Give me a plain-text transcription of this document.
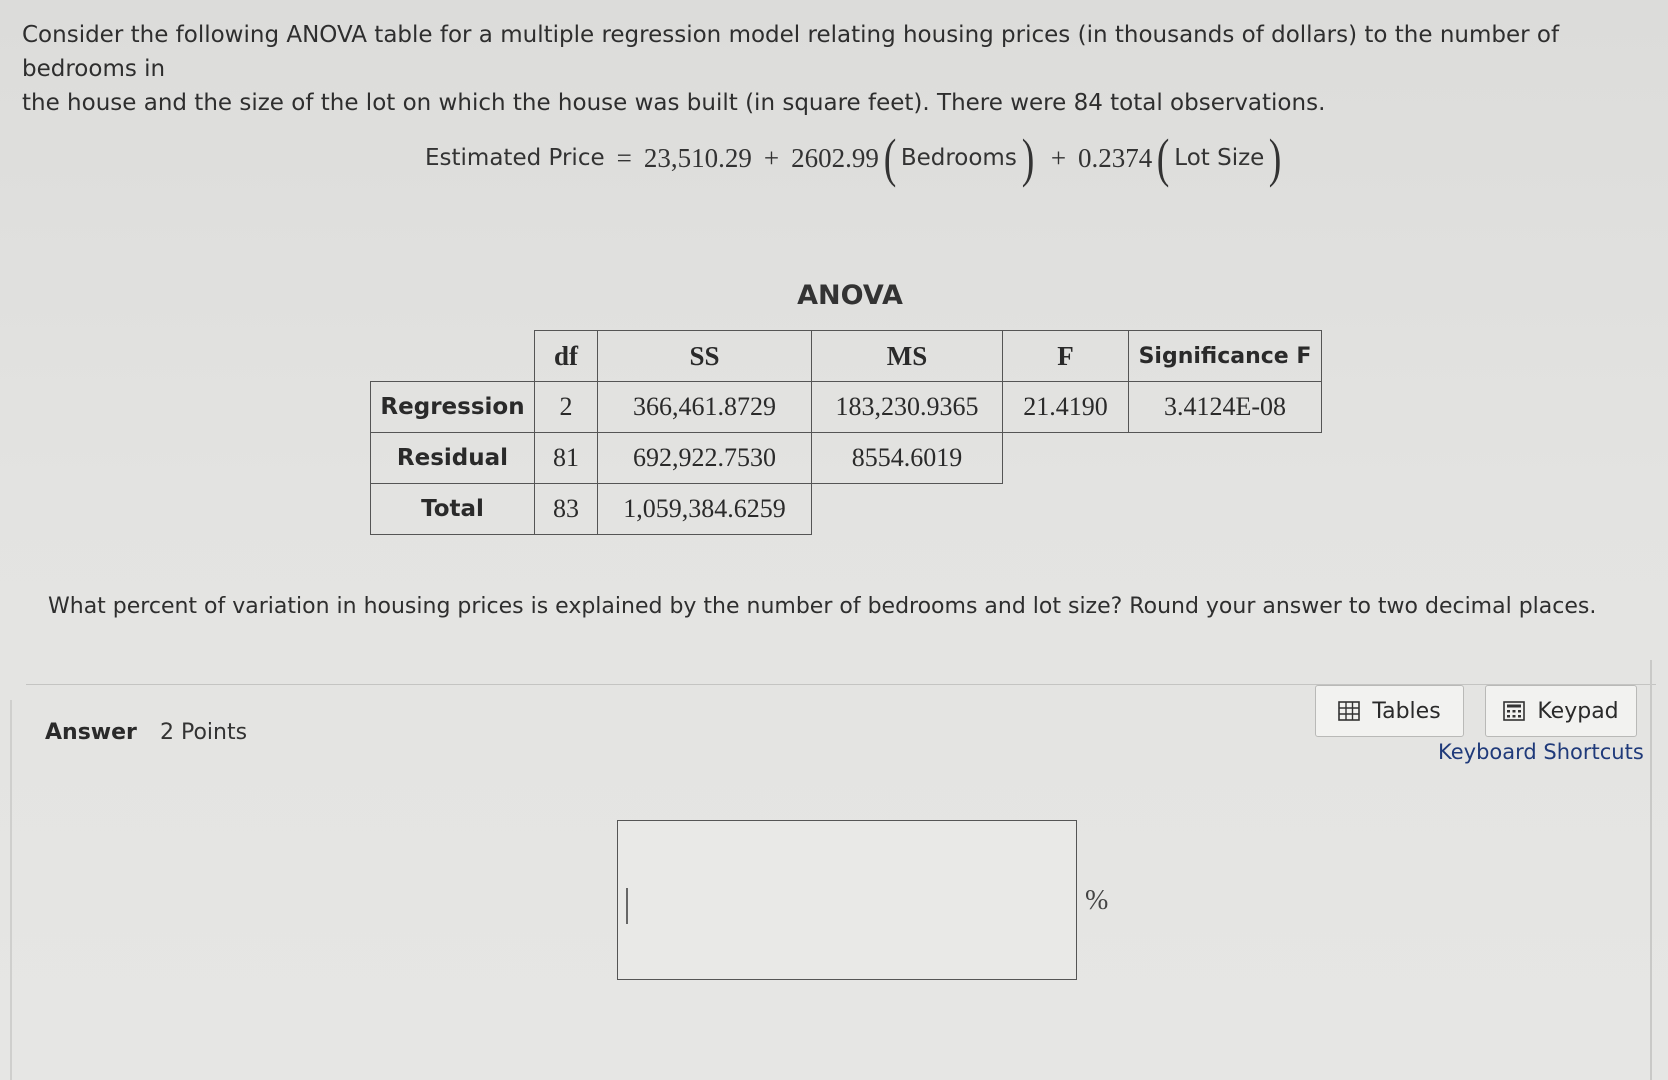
Consider the following ANOVA table for a multiple regression model relating housing prices (in thousands of dollars) to the number of bedrooms in
the house and the size of the lot on which the house was built (in square feet). There were 84 total observations.
Estimated Price = 23,510.29 + 2602.99 ( Bedrooms ) + 0.2374 ( Lot Size )
ANOVA
	df	SS	MS	F	Significance F
Regression	2	366,461.8729	183,230.9365	21.4190	3.4124E-08
Residual	81	692,922.7530	8554.6019		
Total	83	1,059,384.6259			
What percent of variation in housing prices is explained by the number of bedrooms and lot size? Round your answer to two decimal places.
Answer 2 Points
Tables	Keypad
Keyboard Shortcuts
%
